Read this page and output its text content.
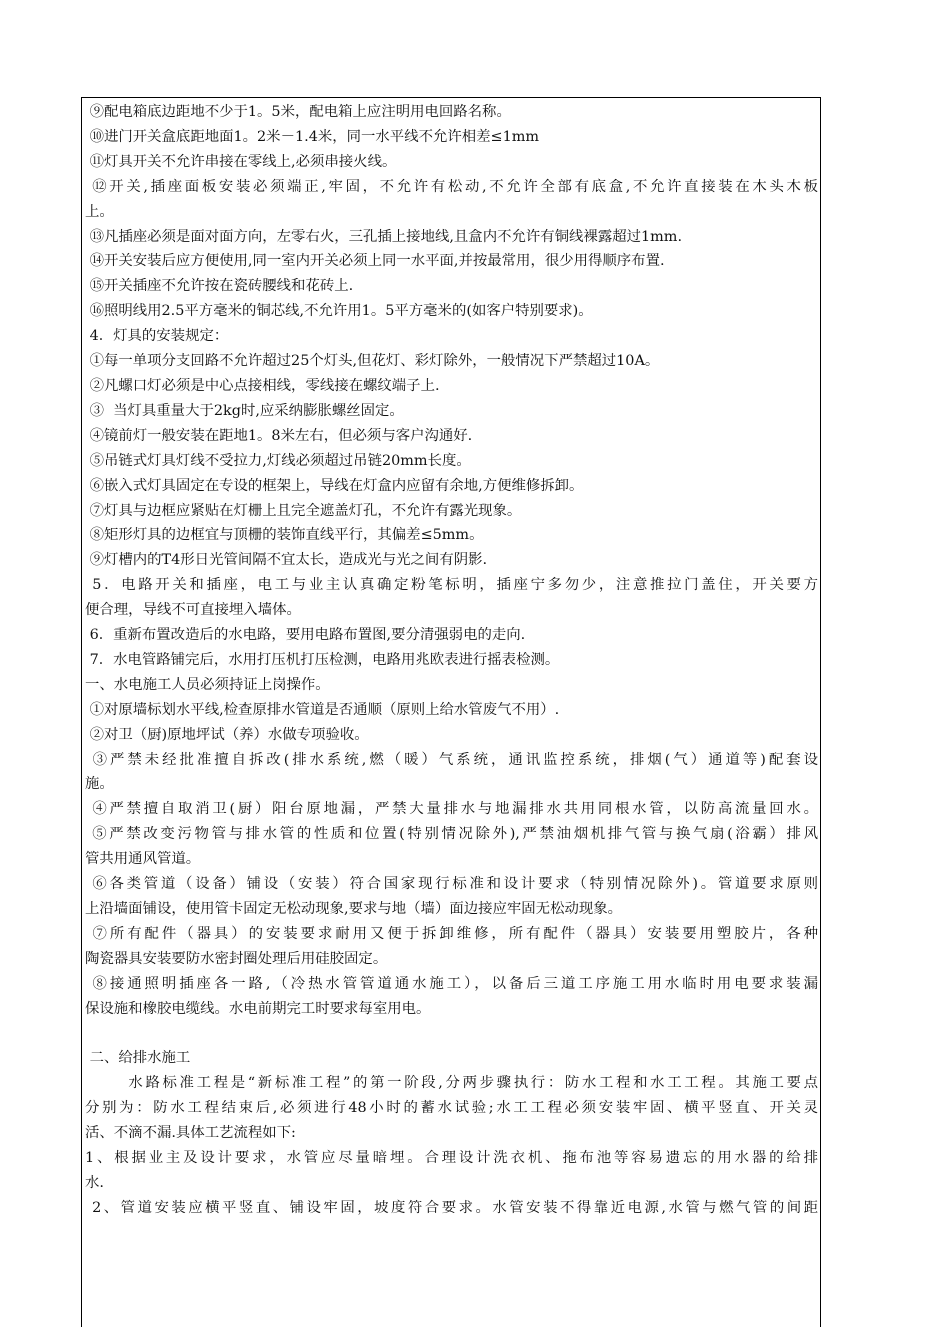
⑨配电箱底边距地不少于1。5米，配电箱上应注明用电回路名称。

⑩进门开关盒底距地面1。2米－1.4米，同一水平线不允许相差≤1mm

⑪灯具开关不允许串接在零线上,必须串接火线。

⑫开关,插座面板安装必须端正,牢固，不允许有松动,不允许全部有底盒,不允许直接装在木头木板

上。

⑬凡插座必须是面对面方向，左零右火，三孔插上接地线,且盒内不允许有铜线裸露超过1mm.

⑭开关安装后应方便使用,同一室内开关必须上同一水平面,并按最常用，很少用得顺序布置.

⑮开关插座不允许按在瓷砖腰线和花砖上.

⑯照明线用2.5平方毫米的铜芯线,不允许用1。5平方毫米的(如客户特别要求)。

4．灯具的安装规定：

①每一单项分支回路不允许超过25个灯头,但花灯、彩灯除外，一般情况下严禁超过10A。

②凡螺口灯必须是中心点接相线，零线接在螺纹端子上.

③  当灯具重量大于2kg时,应采纳膨胀螺丝固定。

④镜前灯一般安装在距地1。8米左右，但必须与客户沟通好.

⑤吊链式灯具灯线不受拉力,灯线必须超过吊链20mm长度。

⑥嵌入式灯具固定在专设的框架上，导线在灯盒内应留有余地,方便维修拆卸。

⑦灯具与边框应紧贴在灯栅上且完全遮盖灯孔，不允许有露光现象。

⑧矩形灯具的边框宜与顶栅的装饰直线平行，其偏差≤5mm。

⑨灯槽内的T4形日光管间隔不宜太长，造成光与光之间有阴影.

5．电路开关和插座，电工与业主认真确定粉笔标明，插座宁多勿少，注意推拉门盖住，开关要方

便合理，导线不可直接埋入墙体。

6．重新布置改造后的水电路，要用电路布置图,要分清强弱电的走向.

7．水电管路铺完后，水用打压机打压检测，电路用兆欧表进行摇表检测。

一、水电施工人员必须持证上岗操作。

①对原墙标划水平线,检查原排水管道是否通顺（原则上给水管废气不用）.

②对卫（厨)原地坪试（养）水做专项验收。

③严禁未经批准擅自拆改(排水系统,燃（暖）气系统，通讯监控系统，排烟(气）通道等)配套设

施。

④严禁擅自取消卫(厨）阳台原地漏，严禁大量排水与地漏排水共用同根水管，以防高流量回水。

⑤严禁改变污物管与排水管的性质和位置(特别情况除外),严禁油烟机排气管与换气扇(浴霸）排风

管共用通风管道。

⑥各类管道（设备）铺设（安装）符合国家现行标准和设计要求（特别情况除外)。管道要求原则

上沿墙面铺设，使用管卡固定无松动现象,要求与地（墙）面边接应牢固无松动现象。

⑦所有配件（器具）的安装要求耐用又便于拆卸维修，所有配件（器具）安装要用塑胶片，各种

陶瓷器具安装要防水密封圈处理后用硅胶固定。

⑧接通照明插座各一路,（冷热水管管道通水施工），以备后三道工序施工用水临时用电要求装漏

保设施和橡胶电缆线。水电前期完工时要求每室用电。

二、给排水施工

水路标准工程是“新标准工程”的第一阶段,分两步骤执行：防水工程和水工工程。其施工要点

分别为：防水工程结束后,必须进行48小时的蓄水试验;水工工程必须安装牢固、横平竖直、开关灵

活、不滴不漏.具体工艺流程如下:

1、根据业主及设计要求，水管应尽量暗埋。合理设计洗衣机、拖布池等容易遗忘的用水器的给排

水.

2、管道安装应横平竖直、铺设牢固，坡度符合要求。水管安装不得靠近电源,水管与燃气管的间距
